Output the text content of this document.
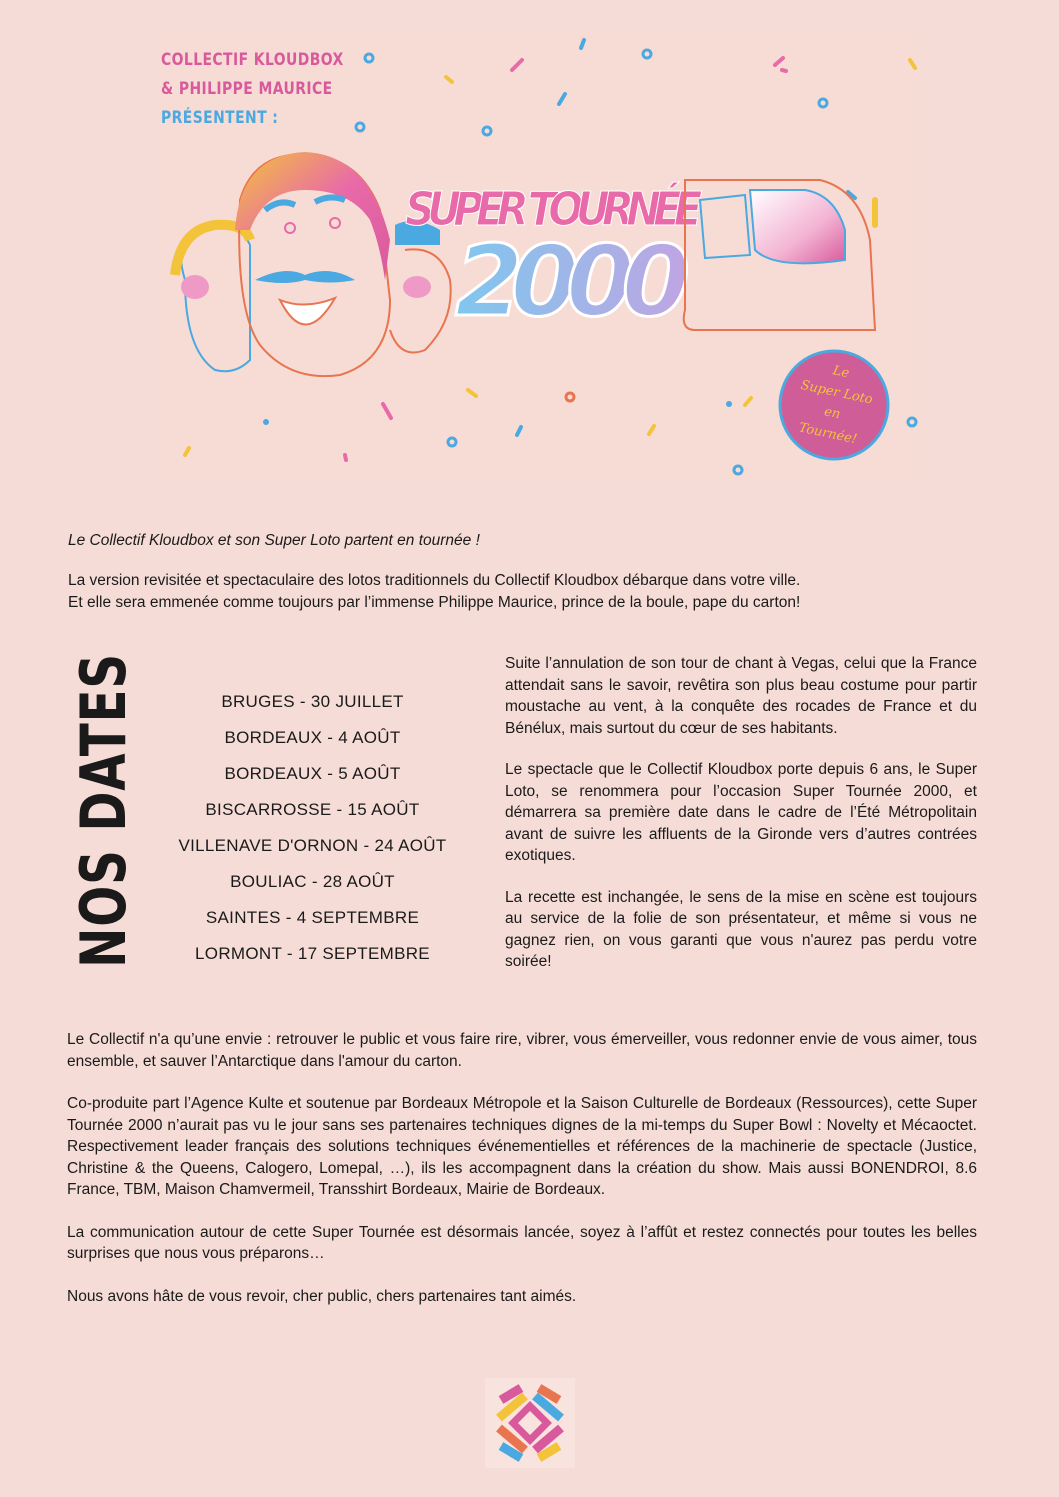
SUPER TOURNÉE
2000
Le
Super Loto
en
Tournée!
COLLECTIF KLOUDBOX
& PHILIPPE MAURICE
PRÉSENTENT :
Le Collectif Kloudbox et son Super Loto partent en tournée !
La version revisitée et spectaculaire des lotos traditionnels du Collectif Kloudbox débarque dans votre ville.
Et elle sera emmenée comme toujours par l’immense Philippe Maurice, prince de la boule, pape du carton!
NOS DATES	BRUGES - 30 JUILLET
BORDEAUX - 4 AOÛT
BORDEAUX - 5 AOÛT
BISCARROSSE - 15 AOÛT
VILLENAVE D'ORNON - 24 AOÛT
BOULIAC - 28 AOÛT
SAINTES - 4 SEPTEMBRE
LORMONT - 17 SEPTEMBRE

Suite l’annulation de son tour de chant à Vegas, celui que la France attendait sans le savoir, revêtira son plus beau costume pour partir moustache au vent, à la conquête des rocades de France et du Bénélux, mais surtout du cœur de ses habitants.

Le spectacle que le Collectif Kloudbox porte depuis 6 ans, le Super Loto, se renommera pour l’occasion Super Tournée 2000, et démarrera sa première date dans le cadre de l’Été Métropolitain avant de suivre les affluents de la Gironde vers d’autres contrées exotiques.

La recette est inchangée, le sens de la mise en scène est toujours au service de la folie de son présentateur, et même si vous ne gagnez rien, on vous garanti que vous n'aurez pas perdu votre soirée!

Le Collectif n'a qu’une envie : retrouver le public et vous faire rire, vibrer, vous émerveiller, vous redonner envie de vous aimer, tous ensemble, et sauver l’Antarctique dans l'amour du carton.

Co-produite part l’Agence Kulte et soutenue par Bordeaux Métropole et la Saison Culturelle de Bordeaux (Ressources), cette Super Tournée 2000 n’aurait pas vu le jour sans ses partenaires techniques dignes de la mi-temps du Super Bowl : Novelty et Mécaoctet. Respectivement leader français des solutions techniques événementielles et références de la machinerie de spectacle (Justice, Christine & the Queens, Calogero, Lomepal, …), ils les accompagnent dans la création du show. Mais aussi BONENDROI, 8.6 France, TBM, Maison Chamvermeil, Transshirt Bordeaux, Mairie de Bordeaux.

La communication autour de cette Super Tournée est désormais lancée, soyez à l’affût et restez connectés pour toutes les belles surprises que nous vous préparons…

Nous avons hâte de vous revoir, cher public, chers partenaires tant aimés.
